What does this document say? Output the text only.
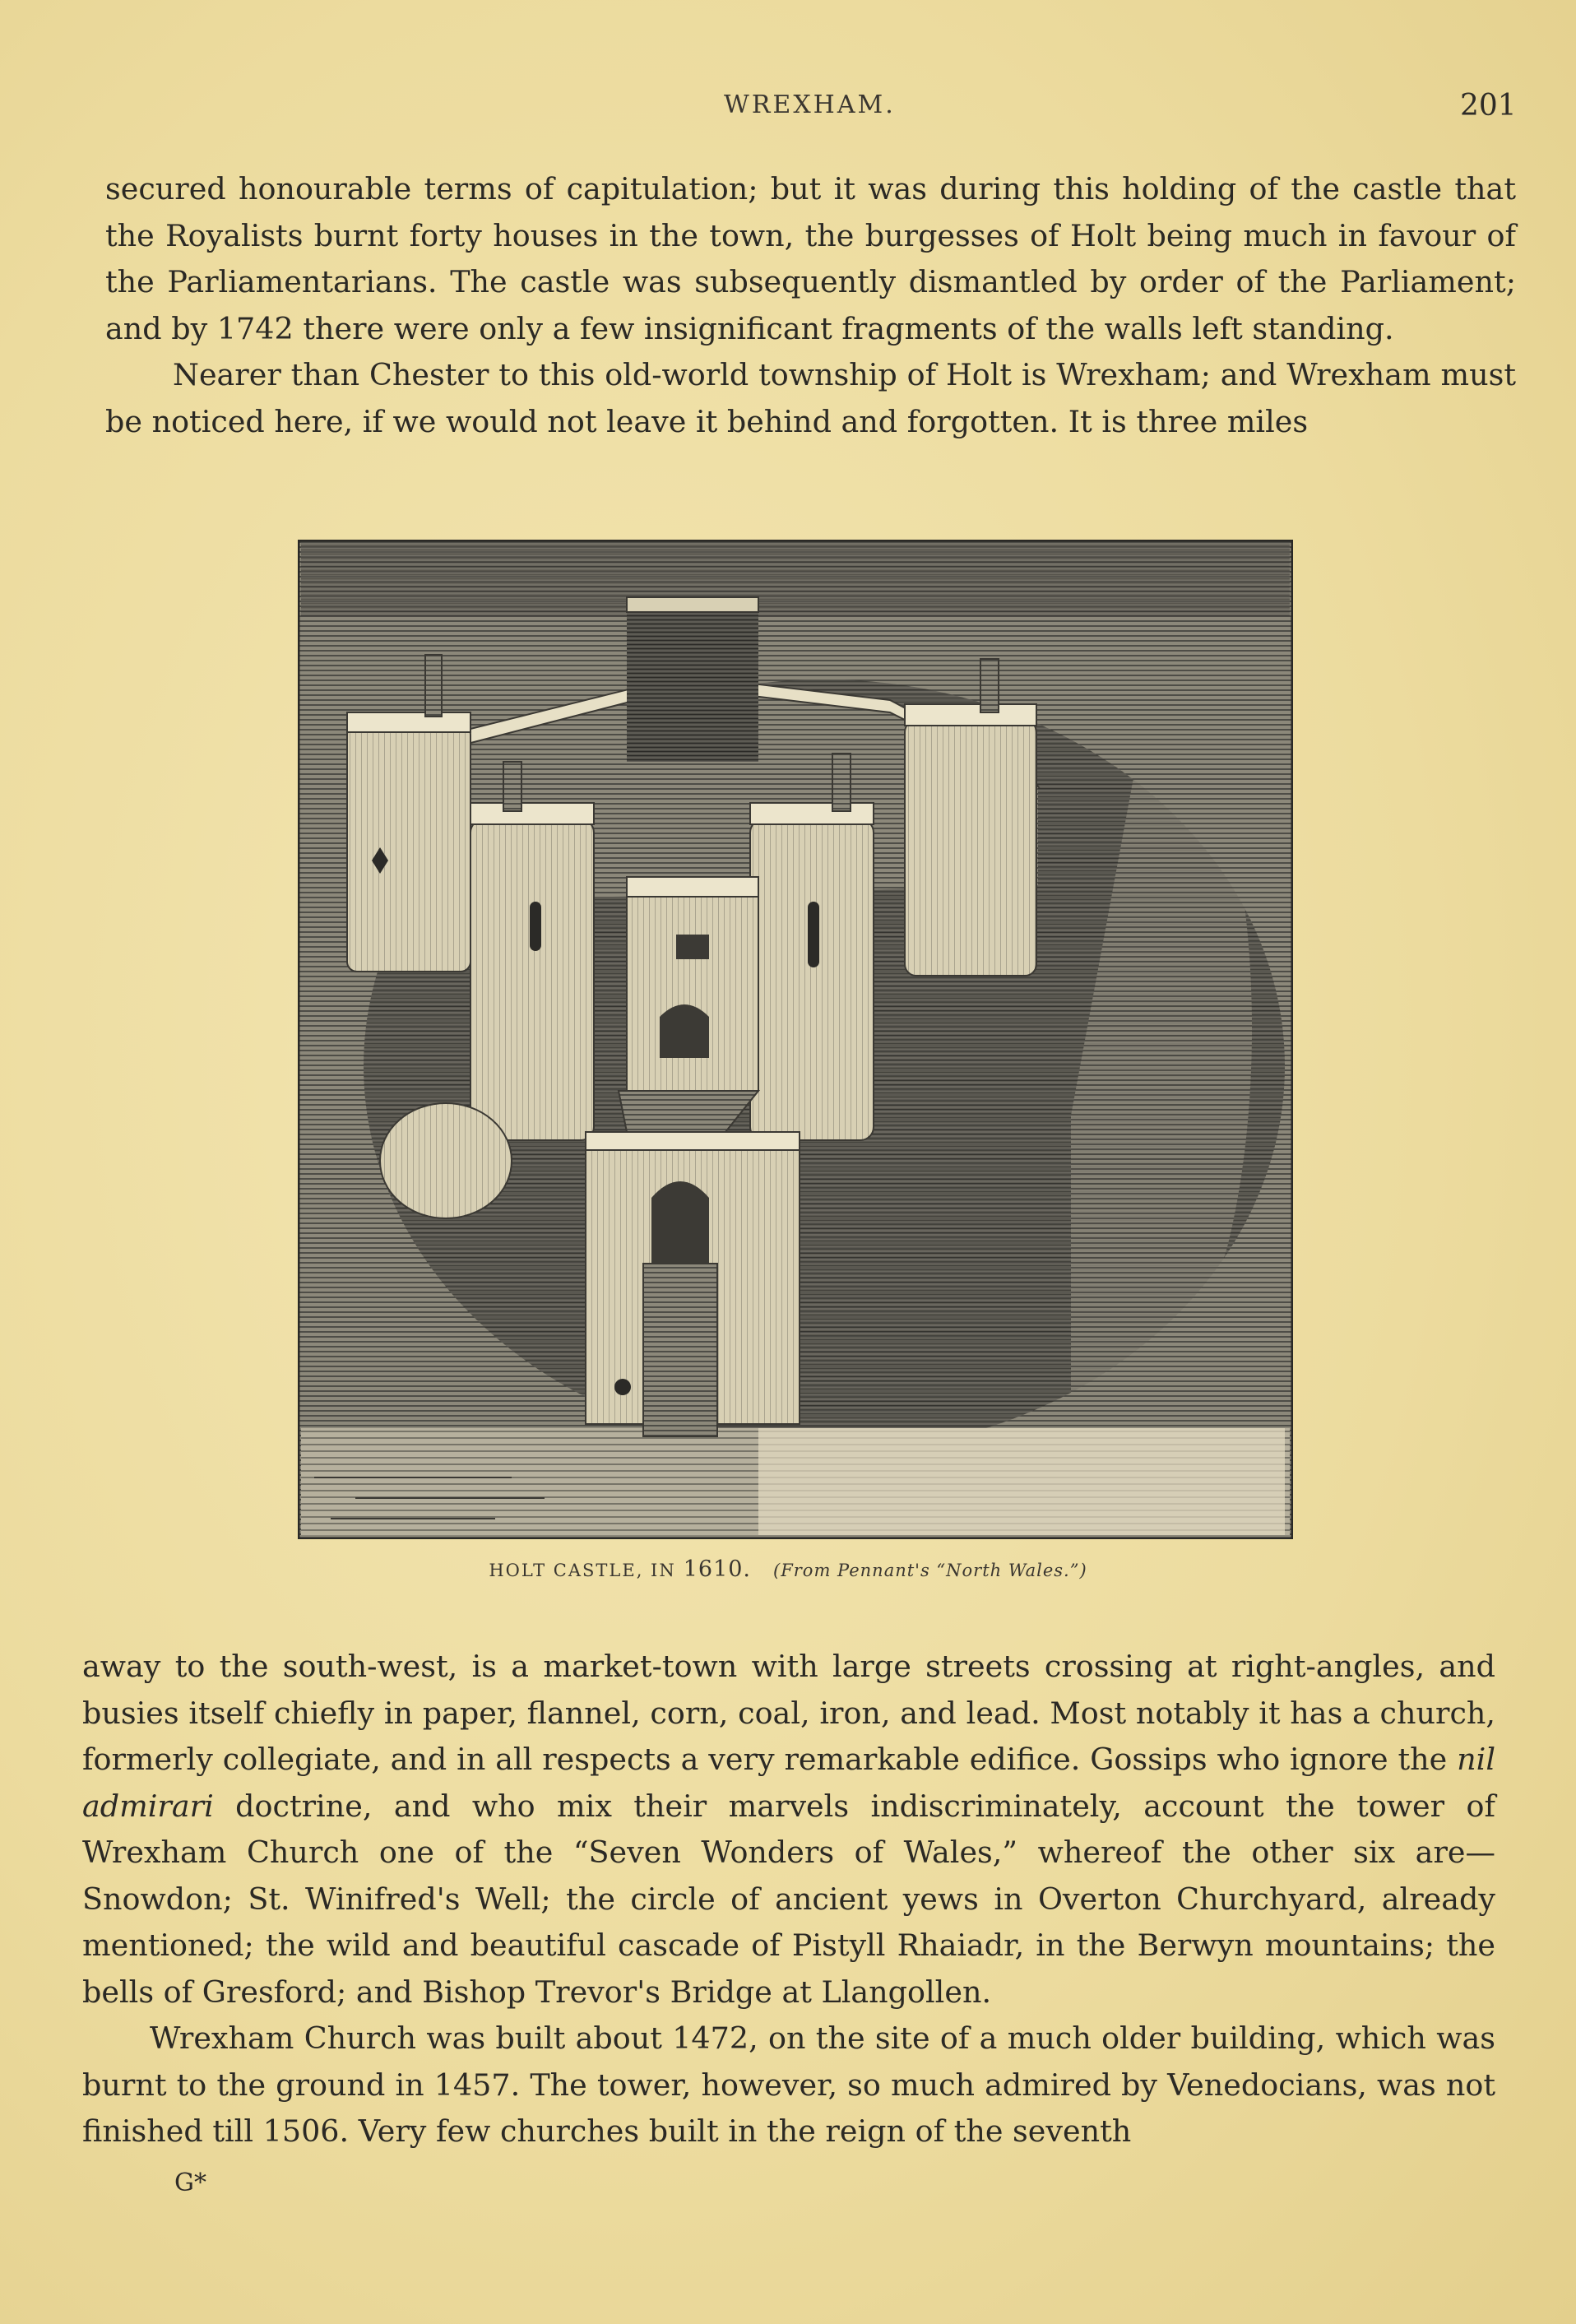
WREXHAM.	201

secured honourable terms of capitulation; but it was during this holding of the castle that the Royalists burnt forty houses in the town, the burgesses of Holt being much in favour of the Parliamentarians. The castle was subsequently dismantled by order of the Parliament; and by 1742 there were only a few insignificant fragments of the walls left standing.

Nearer than Chester to this old-world township of Holt is Wrexham; and Wrexham must be noticed here, if we would not leave it behind and forgotten. It is three miles

HOLT CASTLE, IN 1610. (From Pennant's “North Wales.”)

away to the south-west, is a market-town with large streets crossing at right-angles, and busies itself chiefly in paper, flannel, corn, coal, iron, and lead. Most notably it has a church, formerly collegiate, and in all respects a very remarkable edifice. Gossips who ignore the nil admirari doctrine, and who mix their marvels indiscriminately, account the tower of Wrexham Church one of the “Seven Wonders of Wales,” whereof the other six are—Snowdon; St. Winifred's Well; the circle of ancient yews in Overton Churchyard, already mentioned; the wild and beautiful cascade of Pistyll Rhaiadr, in the Berwyn mountains; the bells of Gresford; and Bishop Trevor's Bridge at Llangollen.

Wrexham Church was built about 1472, on the site of a much older building, which was burnt to the ground in 1457. The tower, however, so much admired by Venedocians, was not finished till 1506. Very few churches built in the reign of the seventh

G*
